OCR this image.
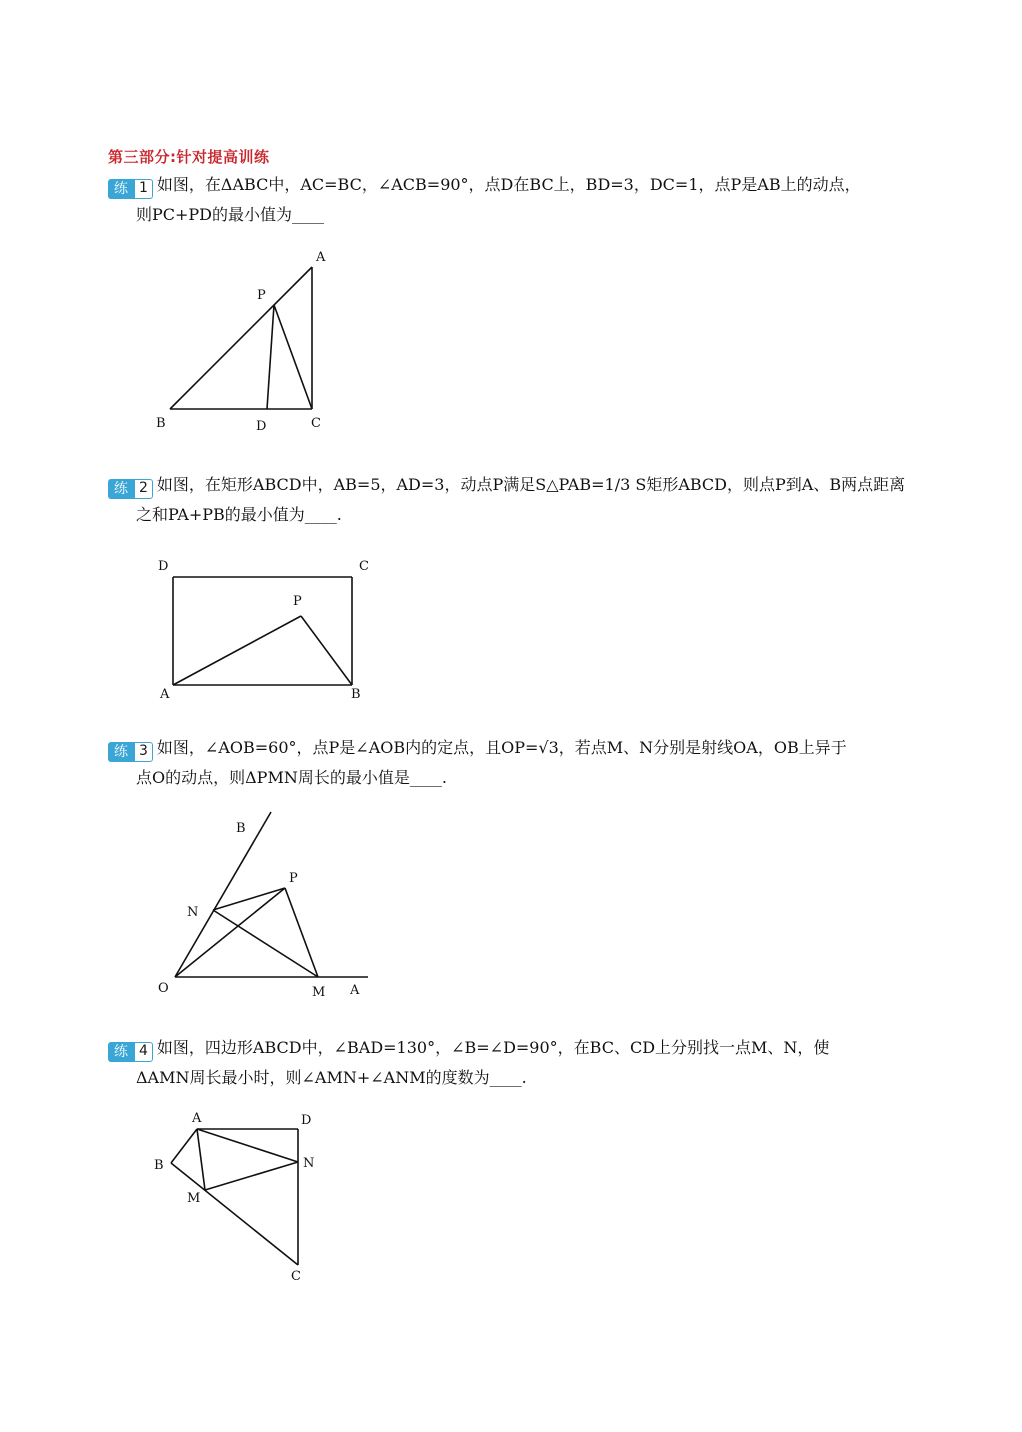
第三部分:针对提高训练
练 1 如图，在ΔABC中，AC=BC，∠ACB=90°，点D在BC上，BD=3，DC=1，点P是AB上的动点，
则PC+PD的最小值为____
A
P
B	D	C
练 2 如图，在矩形ABCD中，AB=5，AD=3，动点P满足S△PAB=1/3 S矩形ABCD，则点P到A、B两点距离
之和PA+PB的最小值为____.
D	C
P
A	B
练 3 如图，∠AOB=60°，点P是∠AOB内的定点，且OP=√3，若点M、N分别是射线OA，OB上异于
点O的动点，则ΔPMN周长的最小值是____.
B
P
N
O	M A
练 4 如图，四边形ABCD中，∠BAD=130°，∠B=∠D=90°，在BC、CD上分别找一点M、N，使
ΔAMN周长最小时，则∠AMN+∠ANM的度数为____.
A	D
B	N
M
C
